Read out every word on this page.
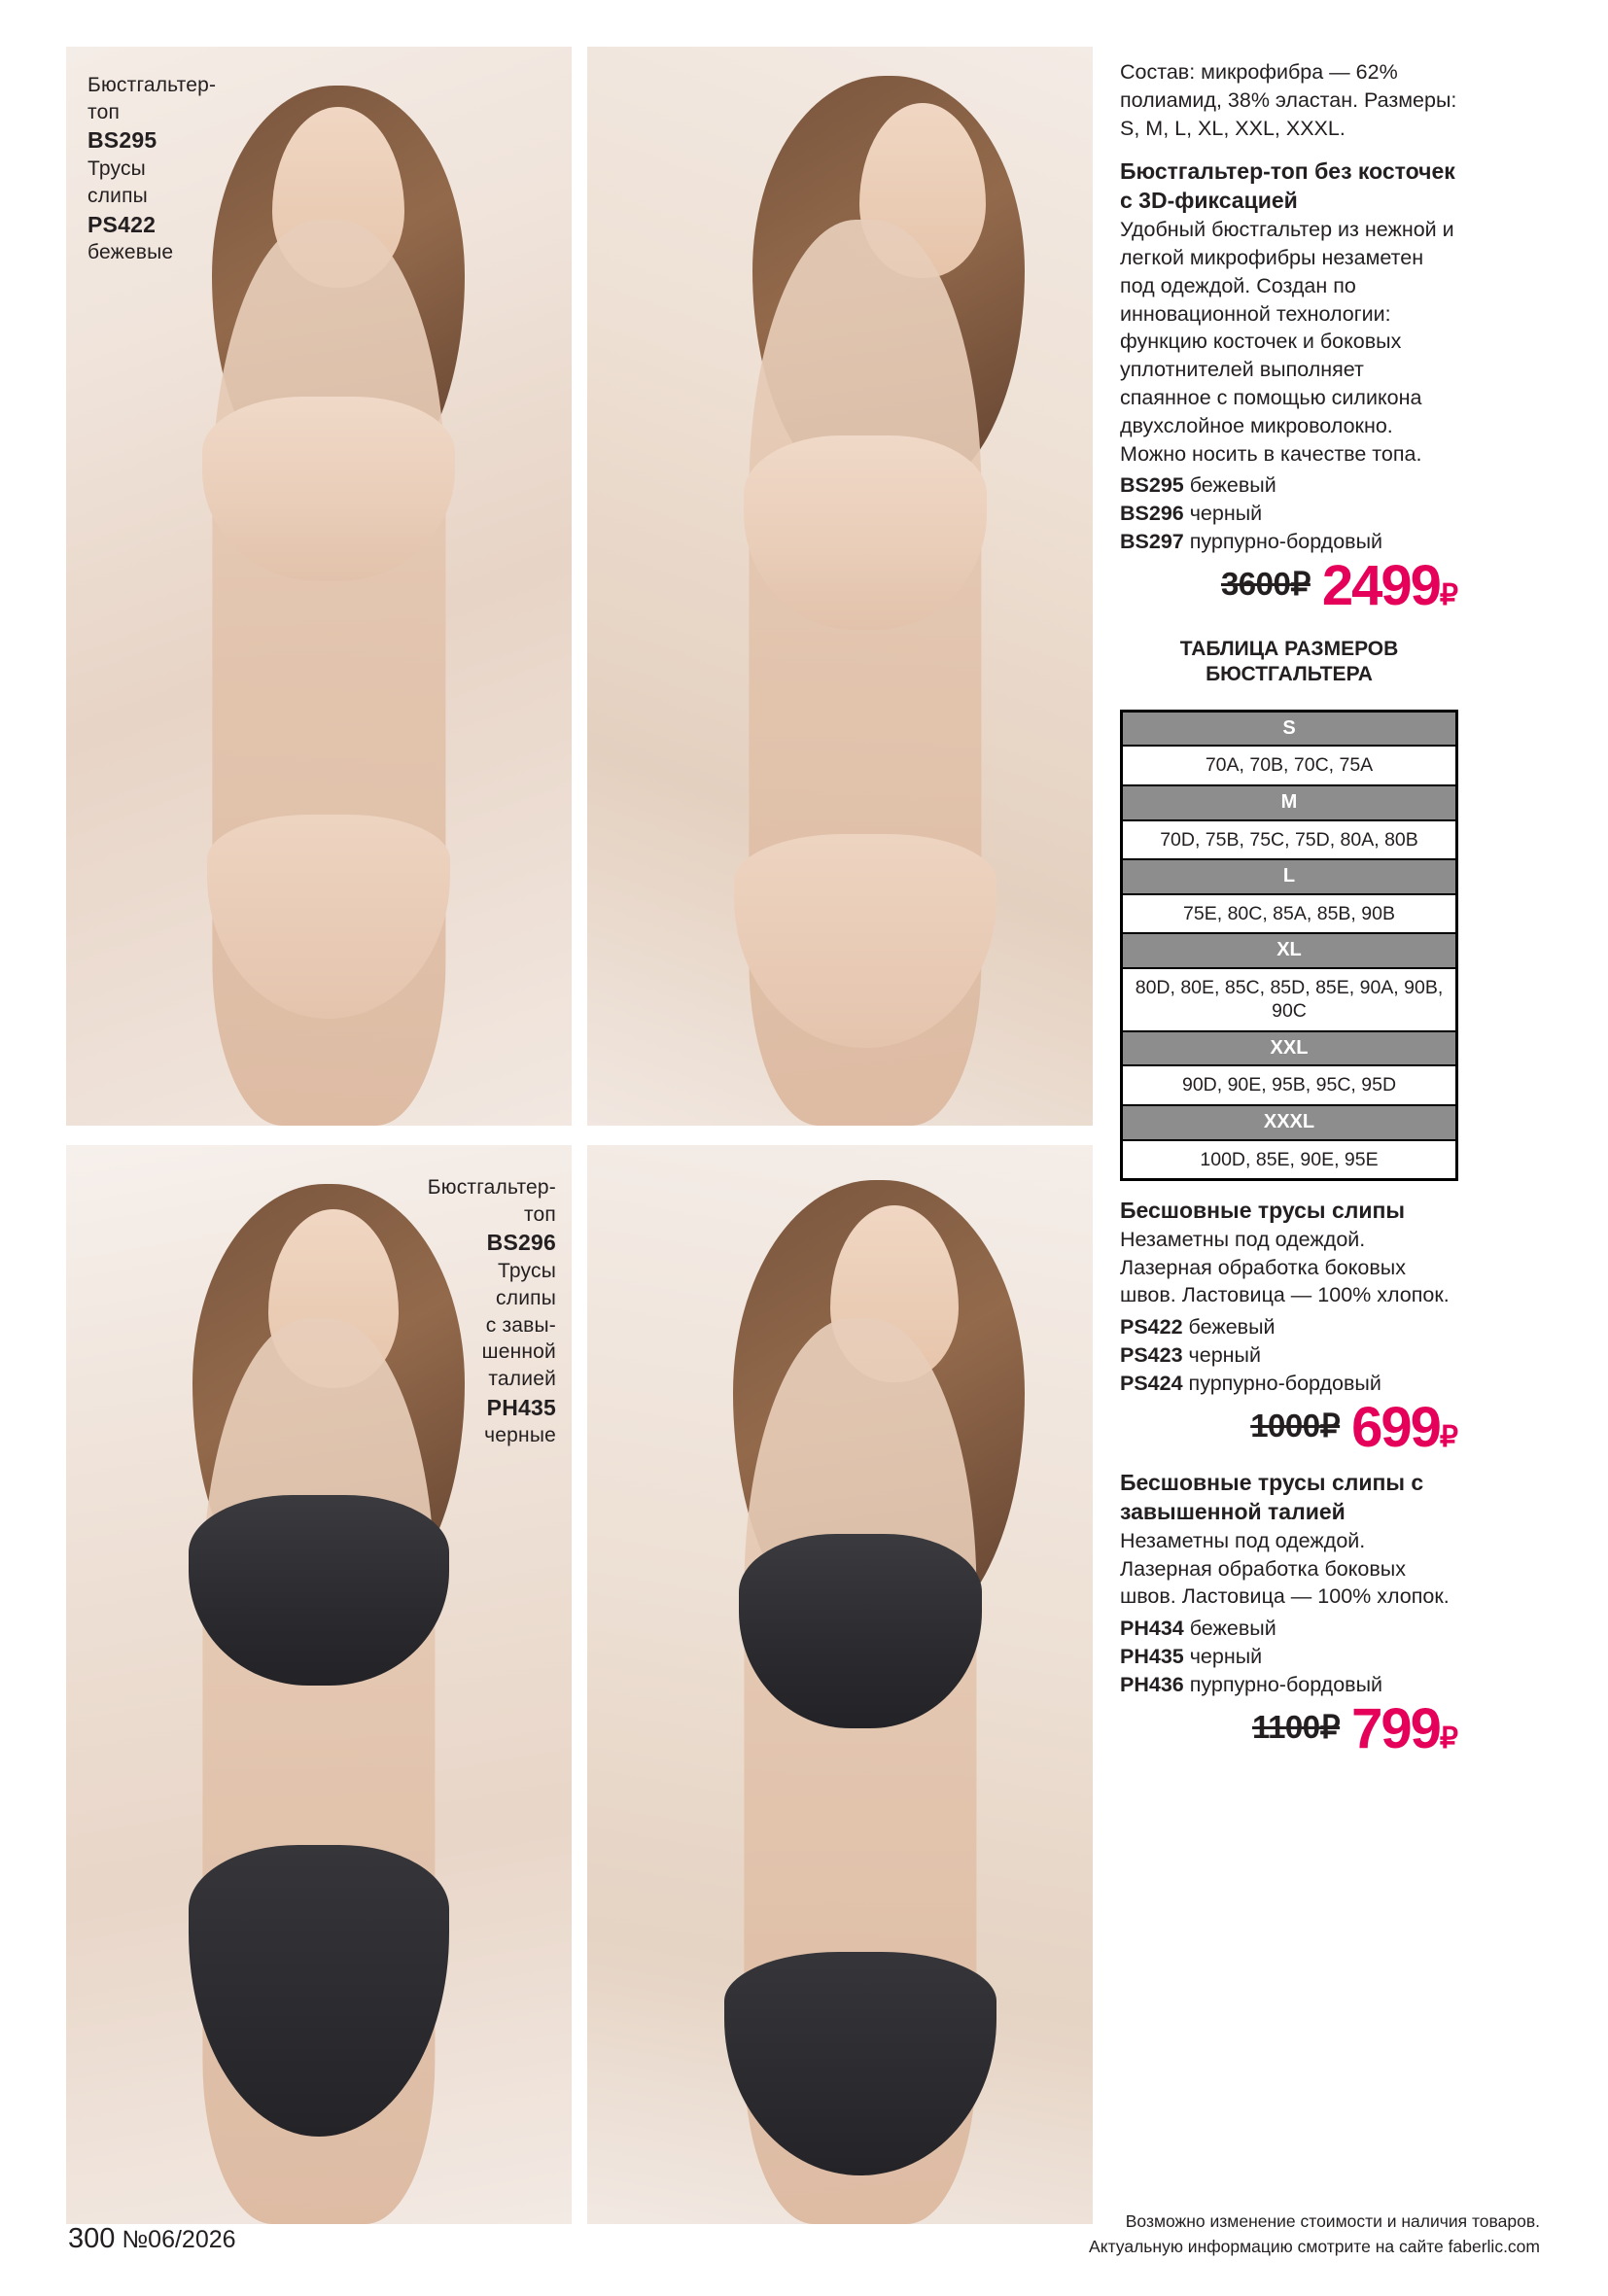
Бюстгальтер-
топ
BS295
Трусы
слипы
PS422
бежевые
Бюстгальтер-
топ
BS296
Трусы
слипы
с завы-
шенной
талией
PH435
черные
Состав: микрофибра — 62% полиамид, 38% эластан. Размеры: S, M, L, XL, XXL, XXXL.
Бюстгальтер-топ без косточек с 3D-фиксацией
Удобный бюстгальтер из нежной и легкой микрофибры незаметен под одеждой. Создан по инновационной технологии: функцию косточек и боковых уплотнителей выполняет спаянное с помощью силикона двухслойное микроволокно. Можно носить в качестве топа.
BS295 бежевый
BS296 черный
BS297 пурпурно-бордовый
3600₽ 2499₽
ТАБЛИЦА РАЗМЕРОВ БЮСТГАЛЬТЕРА
S
70A, 70B, 70C, 75A
M
70D, 75B, 75C, 75D, 80A, 80B
L
75E, 80C, 85A, 85B, 90B
XL
80D, 80E, 85C, 85D, 85E, 90A, 90B, 90C
XXL
90D, 90E, 95B, 95C, 95D
XXXL
100D, 85E, 90E, 95E
Бесшовные трусы слипы
Незаметны под одеждой. Лазерная обработка боковых швов. Ластовица — 100% хлопок.
PS422 бежевый
PS423 черный
PS424 пурпурно-бордовый
1000₽ 699₽
Бесшовные трусы слипы с завышенной талией
Незаметны под одеждой. Лазерная обработка боковых швов. Ластовица — 100% хлопок.
PH434 бежевый
PH435 черный
PH436 пурпурно-бордовый
1100₽ 799₽
300 №06/2026
Возможно изменение стоимости и наличия товаров.
Актуальную информацию смотрите на сайте faberlic.com
